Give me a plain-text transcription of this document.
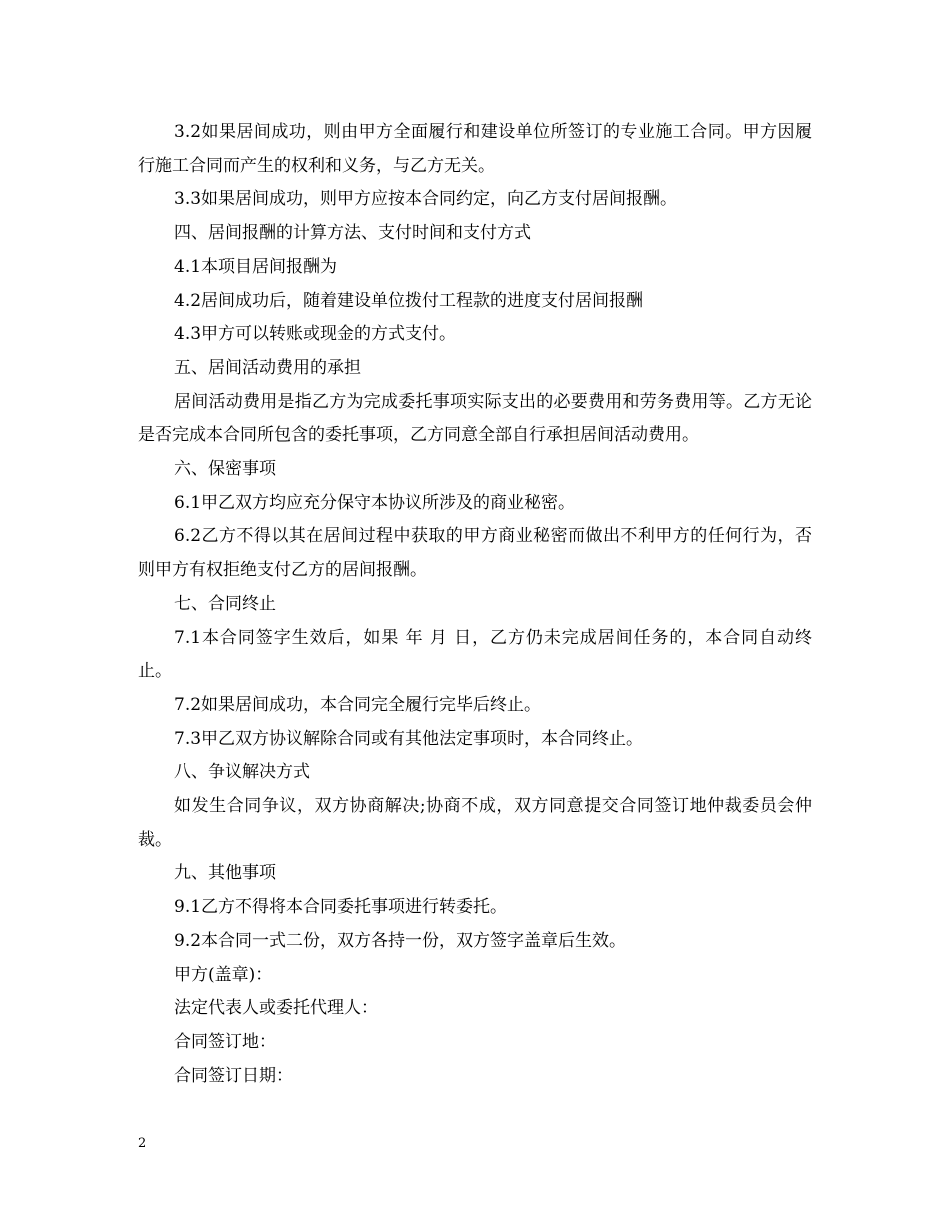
3.2如果居间成功，则由甲方全面履行和建设单位所签订的专业施工合同。甲方因履行施工合同而产生的权利和义务，与乙方无关。

3.3如果居间成功，则甲方应按本合同约定，向乙方支付居间报酬。

四、居间报酬的计算方法、支付时间和支付方式

4.1本项目居间报酬为

4.2居间成功后，随着建设单位拨付工程款的进度支付居间报酬

4.3甲方可以转账或现金的方式支付。

五、居间活动费用的承担

居间活动费用是指乙方为完成委托事项实际支出的必要费用和劳务费用等。乙方无论是否完成本合同所包含的委托事项，乙方同意全部自行承担居间活动费用。

六、保密事项

6.1甲乙双方均应充分保守本协议所涉及的商业秘密。

6.2乙方不得以其在居间过程中获取的甲方商业秘密而做出不利甲方的任何行为，否则甲方有权拒绝支付乙方的居间报酬。

七、合同终止

7.1本合同签字生效后，如果 年 月 日，乙方仍未完成居间任务的，本合同自动终止。

7.2如果居间成功，本合同完全履行完毕后终止。

7.3甲乙双方协议解除合同或有其他法定事项时，本合同终止。

八、争议解决方式

如发生合同争议，双方协商解决;协商不成，双方同意提交合同签订地仲裁委员会仲裁。

九、其他事项

9.1乙方不得将本合同委托事项进行转委托。

9.2本合同一式二份，双方各持一份，双方签字盖章后生效。

甲方(盖章)：

法定代表人或委托代理人：

合同签订地：

合同签订日期：

2
